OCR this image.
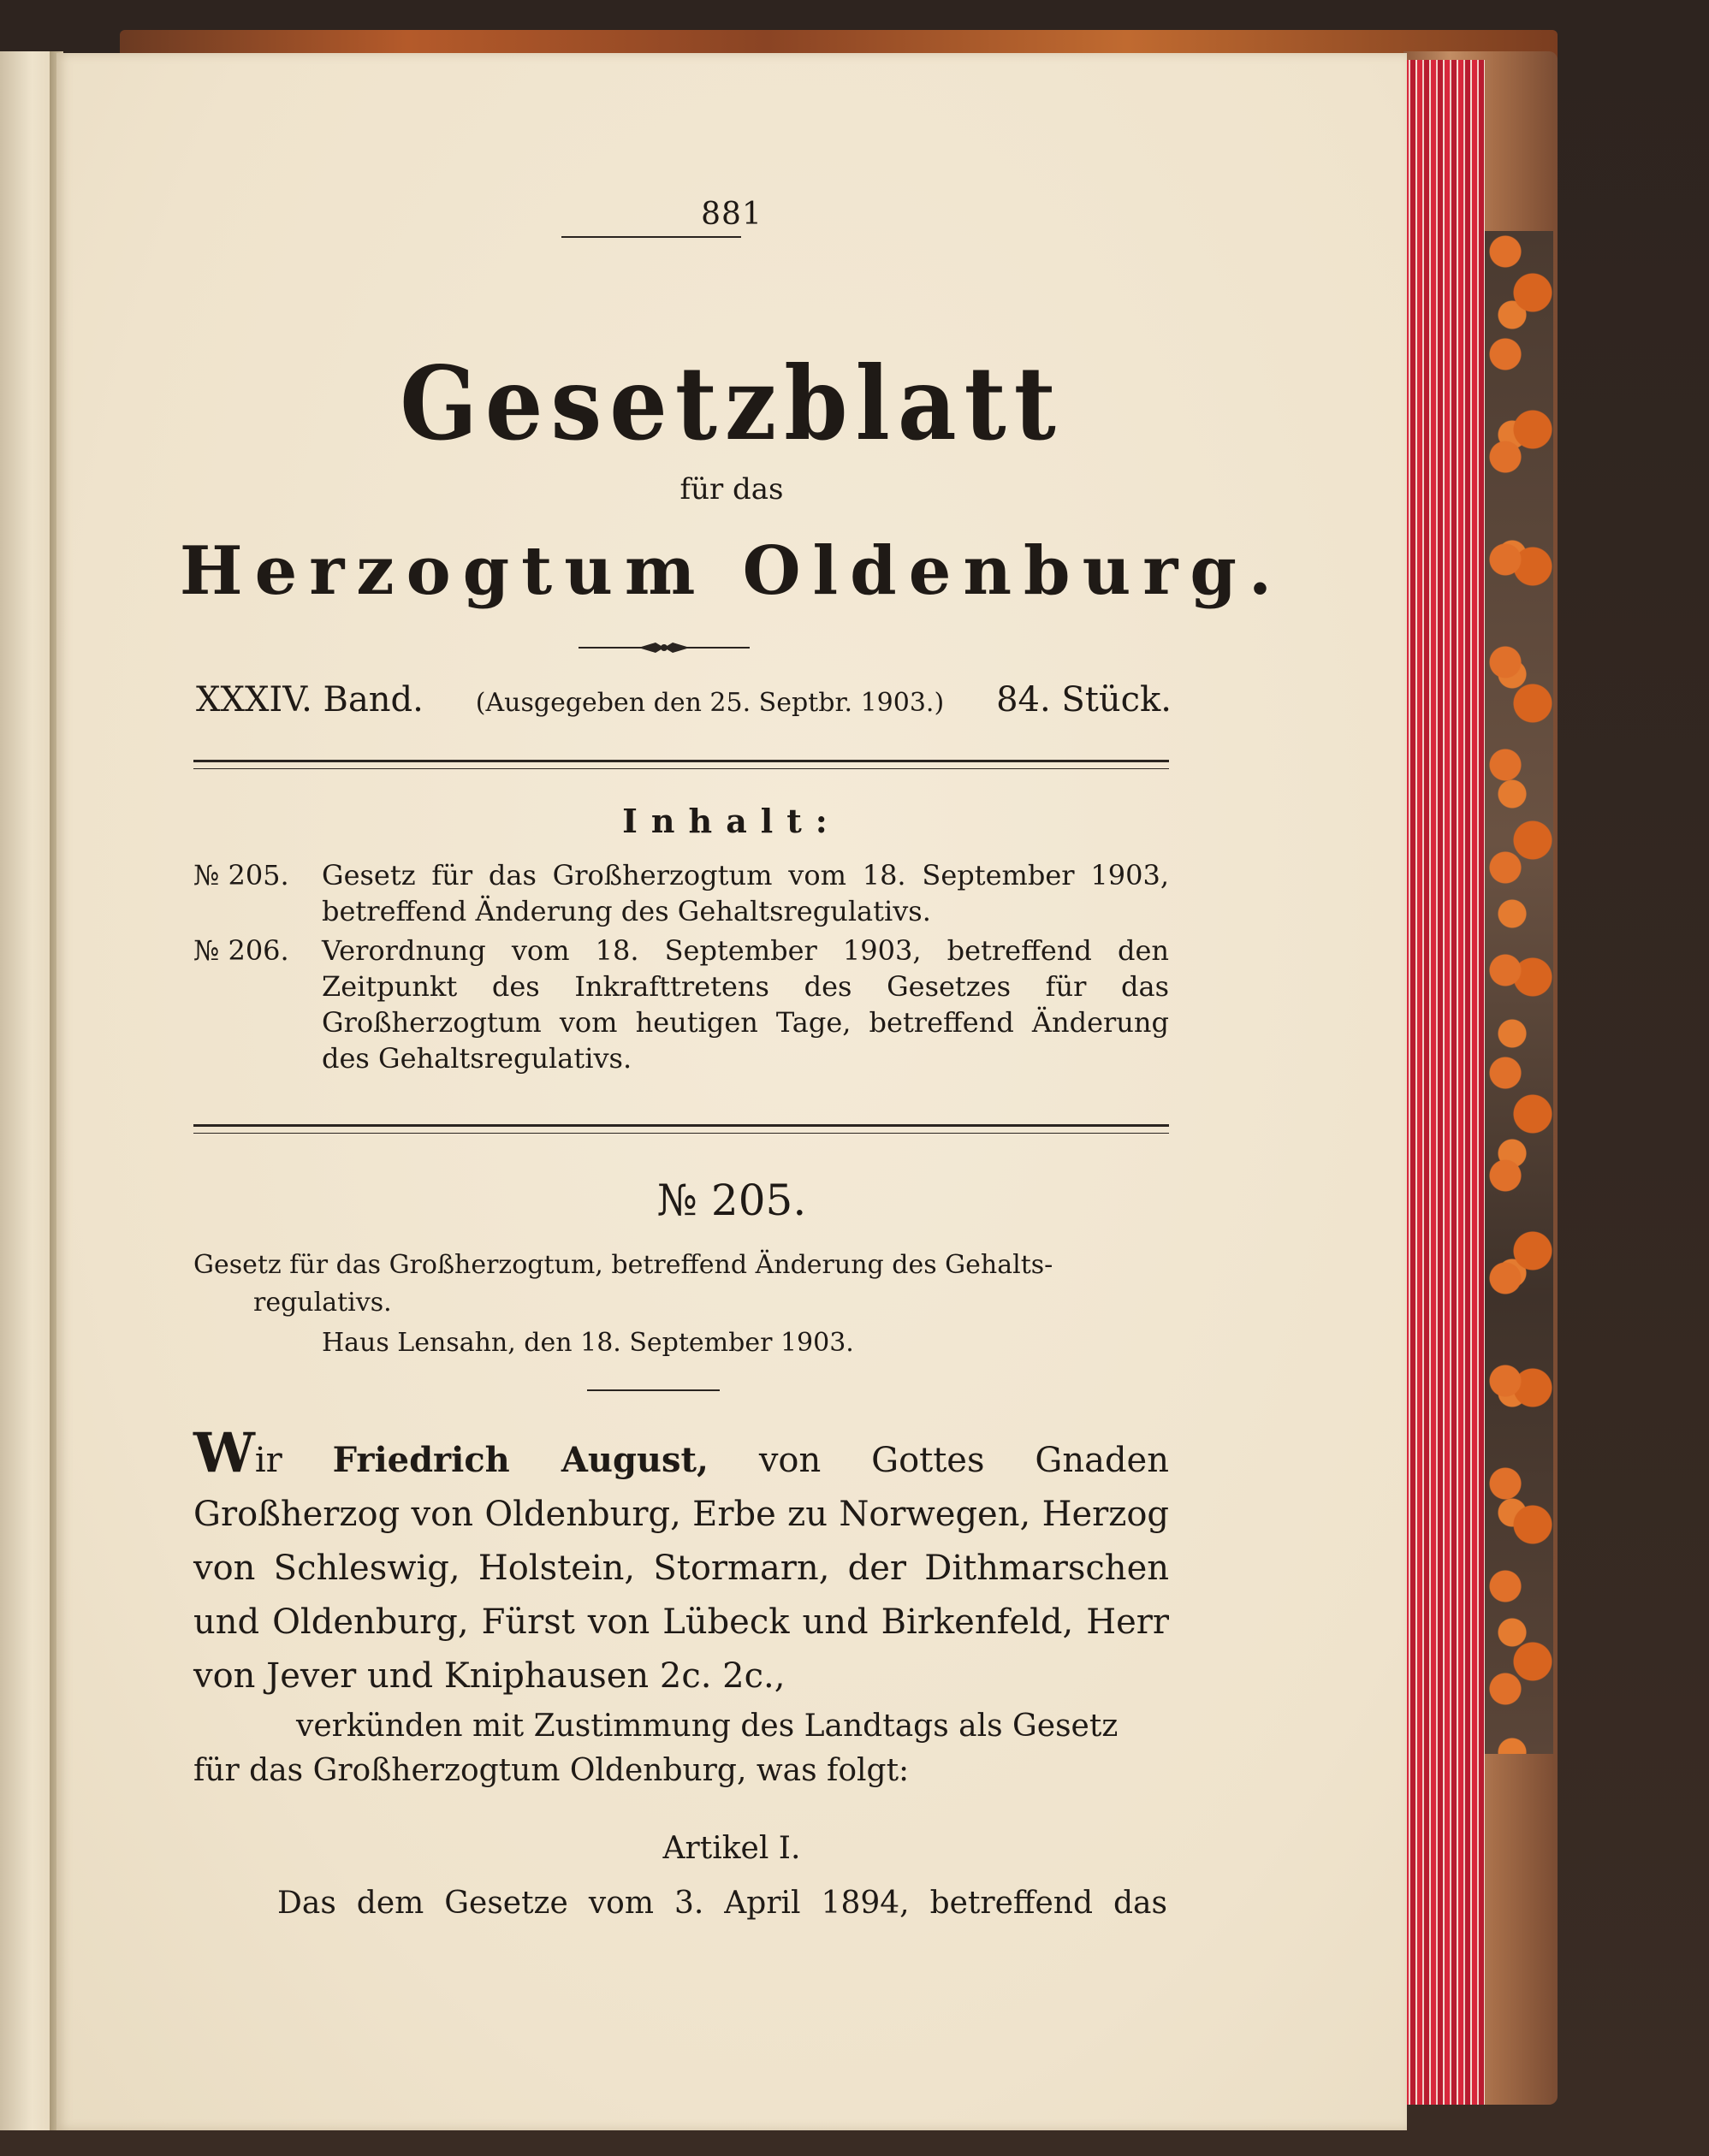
881
Gesetzblatt
für das
Herzogtum Oldenburg.
XXXIV. Band. (Ausgegeben den 25. Septbr. 1903.) 84. Stück.
Inhalt:
№ 205.	Gesetz für das Großherzogtum vom 18. September 1903, betreffend Änderung des Gehaltsregulativs.
№ 206.	Verordnung vom 18. September 1903, betreffend den Zeitpunkt des Inkrafttretens des Gesetzes für das Großherzogtum vom heutigen Tage, betreffend Änderung des Gehaltsregulativs.
№ 205.
Gesetz für das Großherzogtum, betreffend Änderung des Gehalts-
regulativs.
Haus Lensahn, den 18. September 1903.
Wir Friedrich August, von Gottes Gnaden Großherzog von Oldenburg, Erbe zu Norwegen, Herzog von Schleswig, Holstein, Stormarn, der Dithmarschen und Oldenburg, Fürst von Lübeck und Birkenfeld, Herr von Jever und Kniphausen 2c. 2c.,
verkünden mit Zustimmung des Landtags als Gesetz
für das Großherzogtum Oldenburg, was folgt:
Artikel I.
Das dem Gesetze vom 3. April 1894, betreffend das
